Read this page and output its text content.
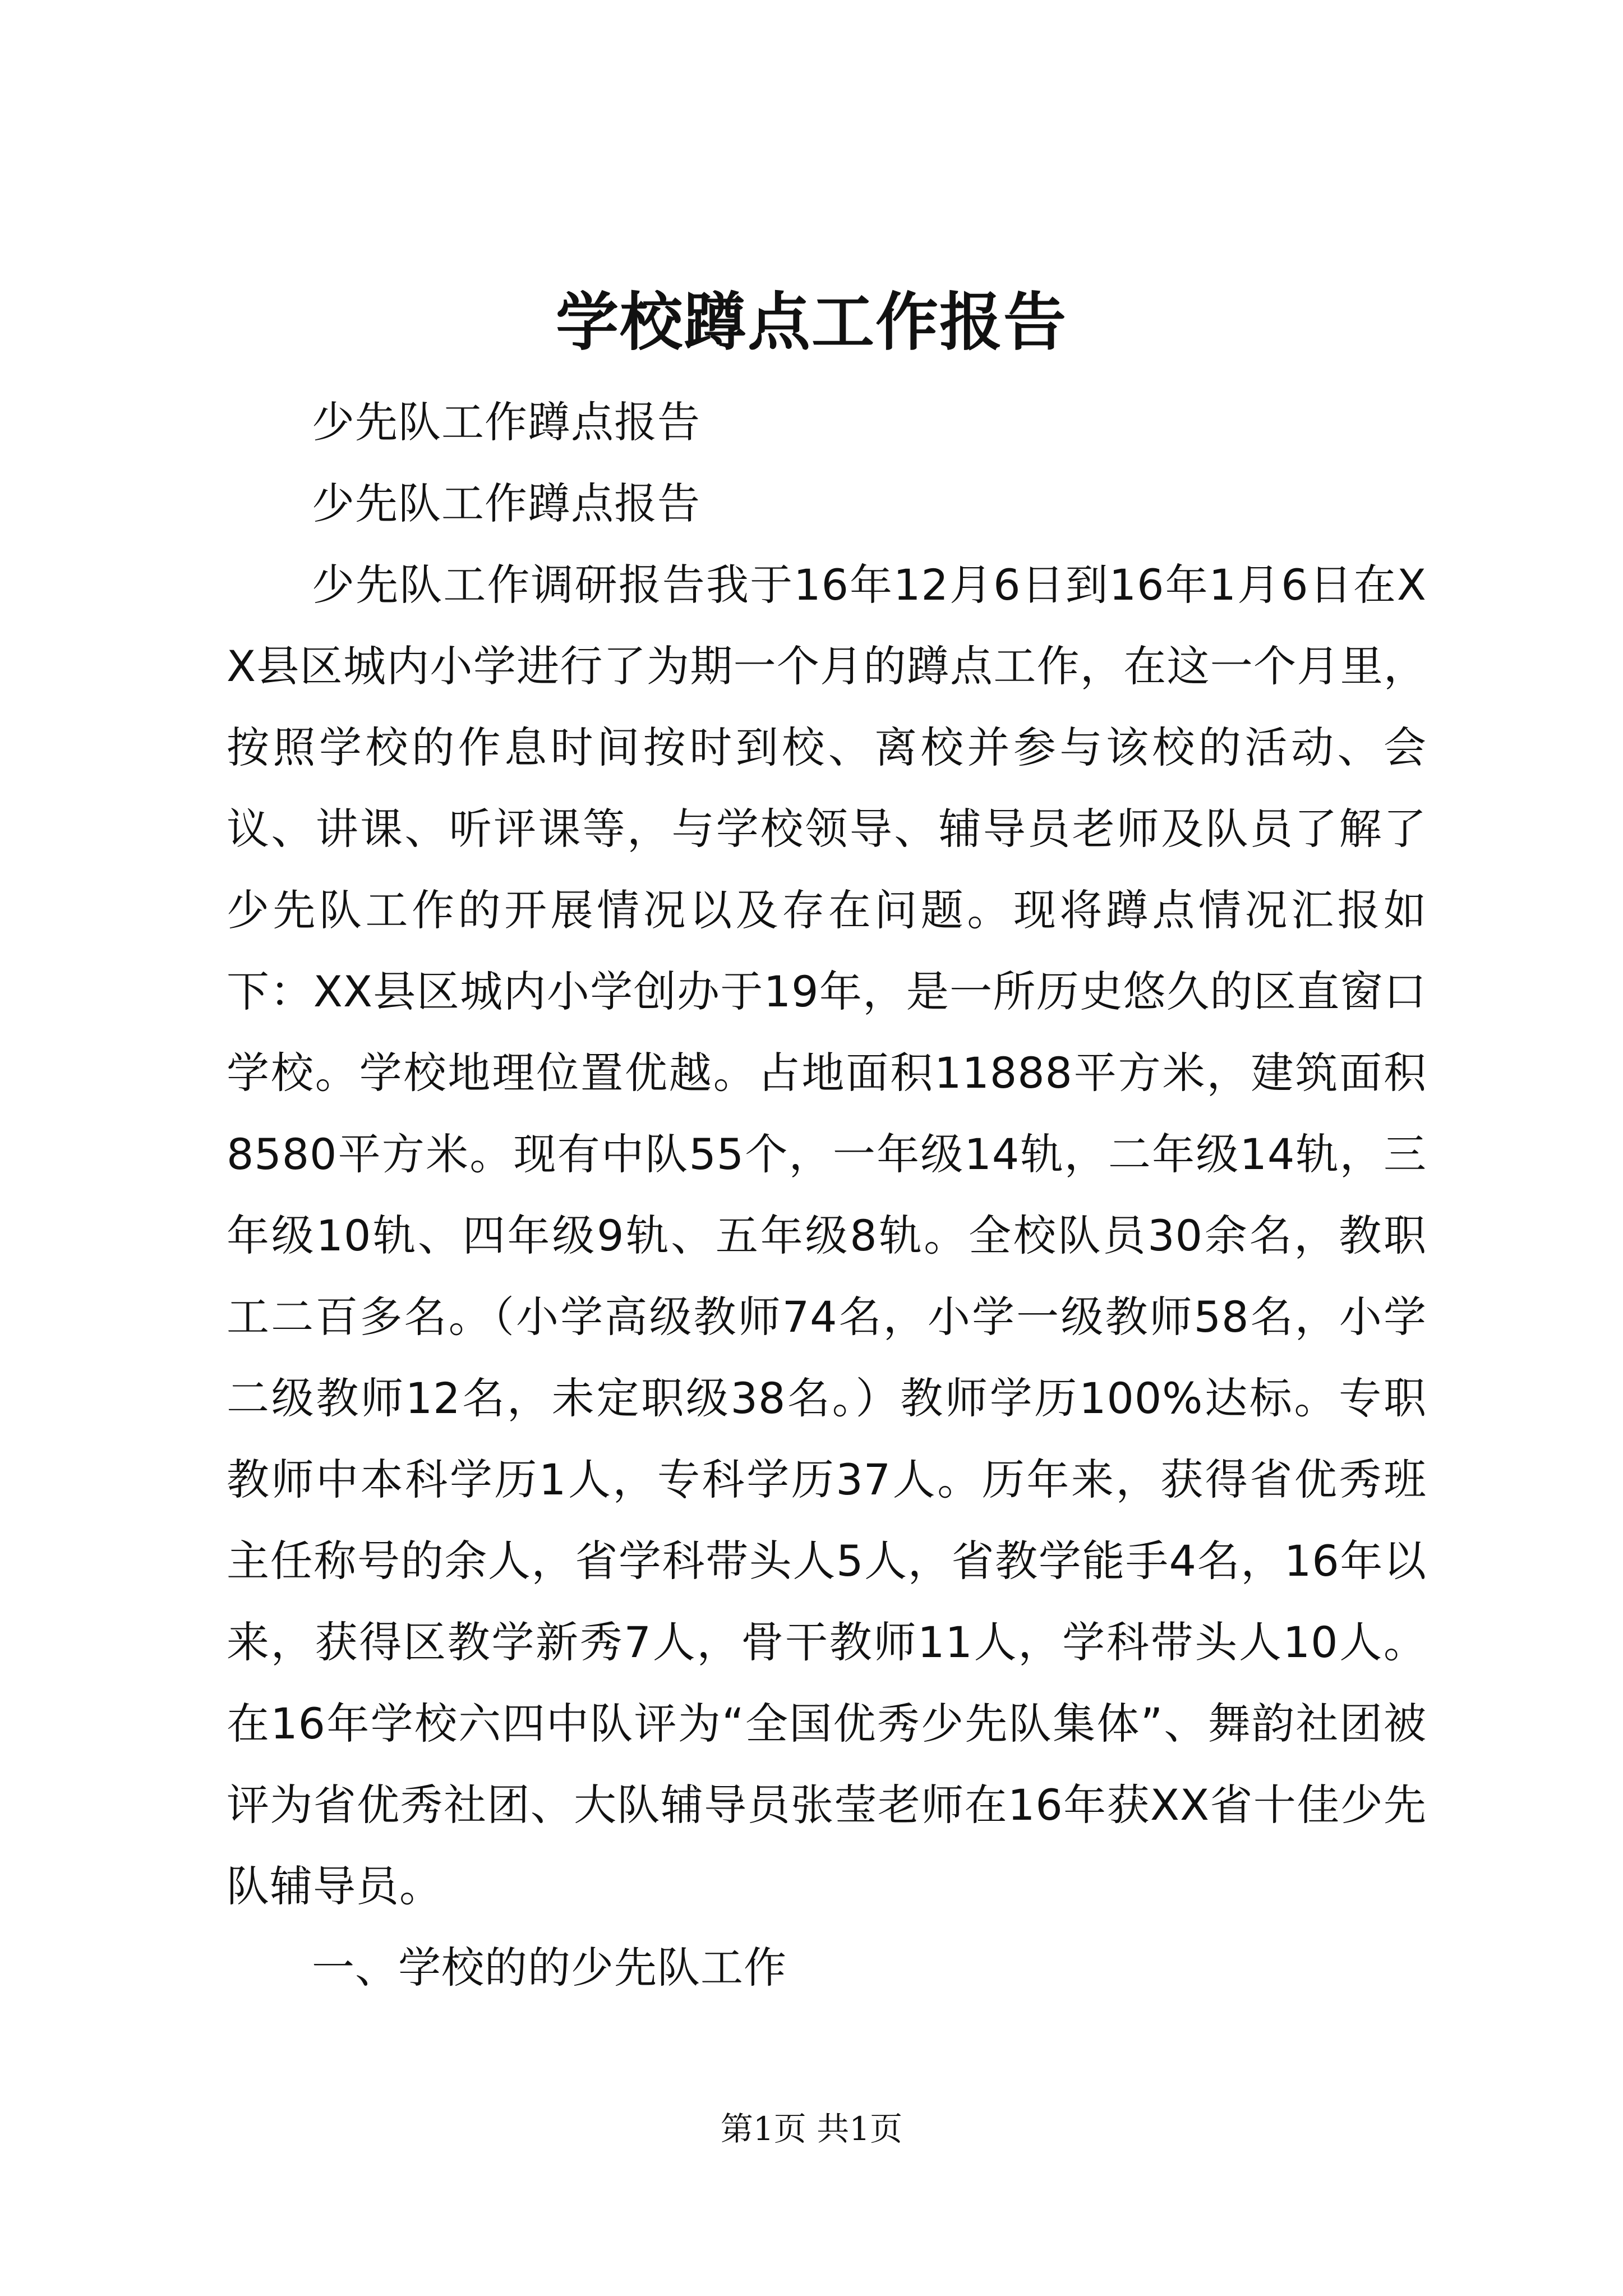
学校蹲点工作报告

少先队工作蹲点报告

少先队工作蹲点报告

少先队工作调研报告我于16年12月6日到16年1月6日在XX县区城内小学进行了为期一个月的蹲点工作，在这一个月里，按照学校的作息时间按时到校、离校并参与该校的活动、会议、讲课、听评课等，与学校领导、辅导员老师及队员了解了少先队工作的开展情况以及存在问题。现将蹲点情况汇报如下：XX县区城内小学创办于19年，是一所历史悠久的区直窗口学校。学校地理位置优越。占地面积11888平方米，建筑面积8580平方米。现有中队55个，一年级14轨，二年级14轨，三年级10轨、四年级9轨、五年级8轨。全校队员30余名，教职工二百多名。（小学高级教师74名，小学一级教师58名，小学二级教师12名，未定职级38名。）教师学历100%达标。专职教师中本科学历1人，专科学历37人。历年来，获得省优秀班主任称号的余人，省学科带头人5人，省教学能手4名，16年以来，获得区教学新秀7人，骨干教师11人，学科带头人10人。在16年学校六四中队评为“全国优秀少先队集体”、舞韵社团被评为省优秀社团、大队辅导员张莹老师在16年获XX省十佳少先队辅导员。

一、学校的的少先队工作

第1页 共1页
